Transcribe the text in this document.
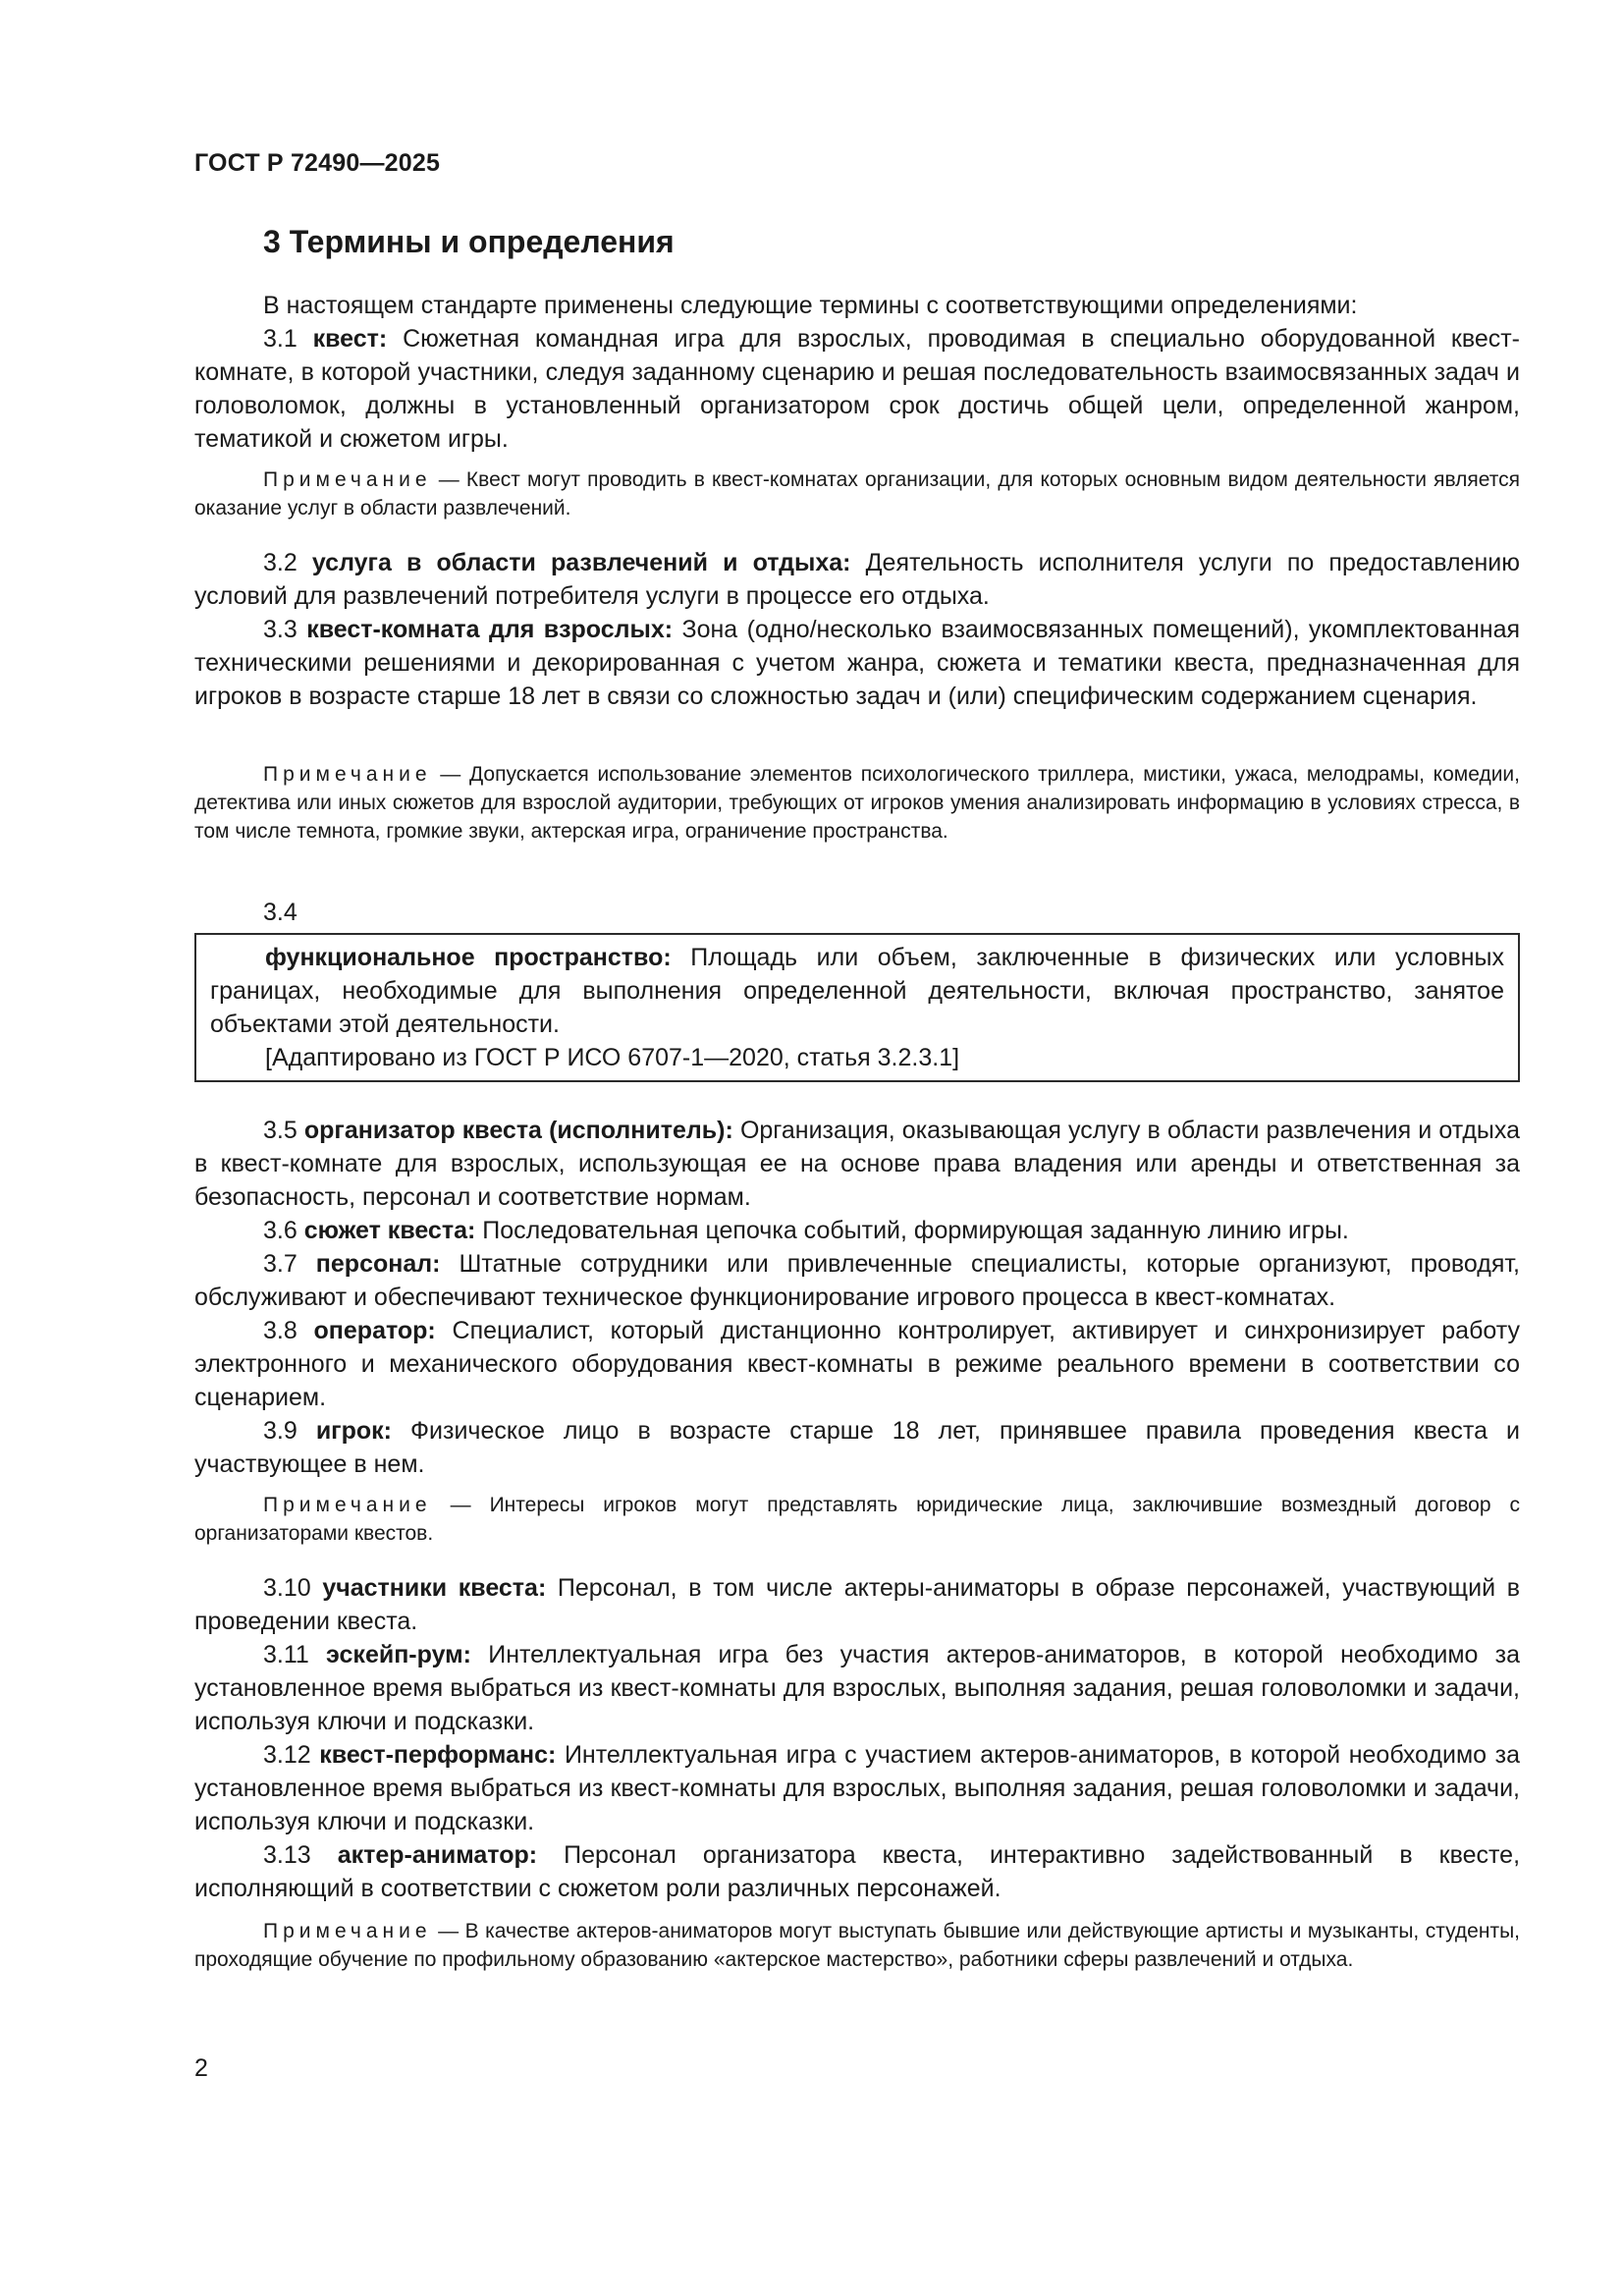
ГОСТ Р 72490—2025

3 Термины и определения

В настоящем стандарте применены следующие термины с соответствующими определениями:

3.1 квест: Сюжетная командная игра для взрослых, проводимая в специально оборудованной квест-комнате, в которой участники, следуя заданному сценарию и решая последовательность взаимосвязанных задач и головоломок, должны в установленный организатором срок достичь общей цели, определенной жанром, тематикой и сюжетом игры.

Примечание — Квест могут проводить в квест-комнатах организации, для которых основным видом деятельности является оказание услуг в области развлечений.

3.2 услуга в области развлечений и отдыха: Деятельность исполнителя услуги по предоставлению условий для развлечений потребителя услуги в процессе его отдыха.

3.3 квест-комната для взрослых: Зона (одно/несколько взаимосвязанных помещений), укомплектованная техническими решениями и декорированная с учетом жанра, сюжета и тематики квеста, предназначенная для игроков в возрасте старше 18 лет в связи со сложностью задач и (или) специфическим содержанием сценария.

Примечание — Допускается использование элементов психологического триллера, мистики, ужаса, мелодрамы, комедии, детектива или иных сюжетов для взрослой аудитории, требующих от игроков умения анализировать информацию в условиях стресса, в том числе темнота, громкие звуки, актерская игра, ограничение пространства.

3.4

функциональное пространство: Площадь или объем, заключенные в физических или условных границах, необходимые для выполнения определенной деятельности, включая пространство, занятое объектами этой деятельности.

[Адаптировано из ГОСТ Р ИСО 6707-1—2020, статья 3.2.3.1]

3.5 организатор квеста (исполнитель): Организация, оказывающая услугу в области развлечения и отдыха в квест-комнате для взрослых, использующая ее на основе права владения или аренды и ответственная за безопасность, персонал и соответствие нормам.

3.6 сюжет квеста: Последовательная цепочка событий, формирующая заданную линию игры.

3.7 персонал: Штатные сотрудники или привлеченные специалисты, которые организуют, проводят, обслуживают и обеспечивают техническое функционирование игрового процесса в квест-комнатах.

3.8 оператор: Специалист, который дистанционно контролирует, активирует и синхронизирует работу электронного и механического оборудования квест-комнаты в режиме реального времени в соответствии со сценарием.

3.9 игрок: Физическое лицо в возрасте старше 18 лет, принявшее правила проведения квеста и участвующее в нем.

Примечание — Интересы игроков могут представлять юридические лица, заключившие возмездный договор с организаторами квестов.

3.10 участники квеста: Персонал, в том числе актеры-аниматоры в образе персонажей, участвующий в проведении квеста.

3.11 эскейп-рум: Интеллектуальная игра без участия актеров-аниматоров, в которой необходимо за установленное время выбраться из квест-комнаты для взрослых, выполняя задания, решая головоломки и задачи, используя ключи и подсказки.

3.12 квест-перформанс: Интеллектуальная игра с участием актеров-аниматоров, в которой необходимо за установленное время выбраться из квест-комнаты для взрослых, выполняя задания, решая головоломки и задачи, используя ключи и подсказки.

3.13 актер-аниматор: Персонал организатора квеста, интерактивно задействованный в квесте, исполняющий в соответствии с сюжетом роли различных персонажей.

Примечание — В качестве актеров-аниматоров могут выступать бывшие или действующие артисты и музыканты, студенты, проходящие обучение по профильному образованию «актерское мастерство», работники сферы развлечений и отдыха.

2
